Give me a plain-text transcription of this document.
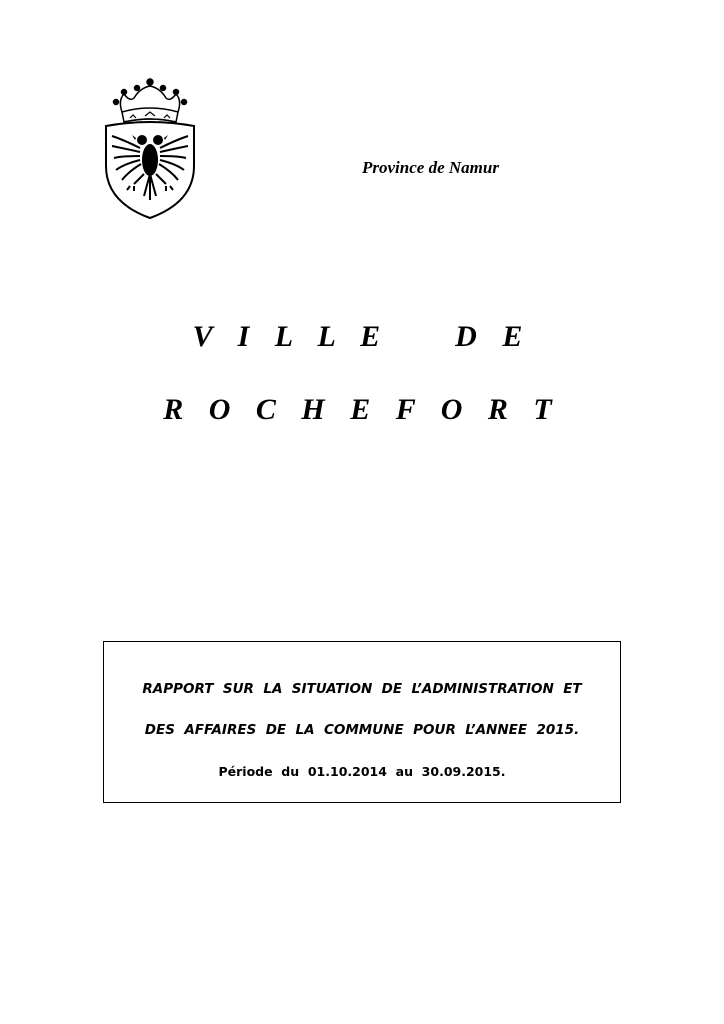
Province de Namur
V I L L E    D E
R O C H E F O R T
RAPPORT  SUR  LA  SITUATION  DE  L’ADMINISTRATION  ET
DES  AFFAIRES  DE  LA  COMMUNE  POUR  L’ANNEE  2015.
Période  du  01.10.2014  au  30.09.2015.
